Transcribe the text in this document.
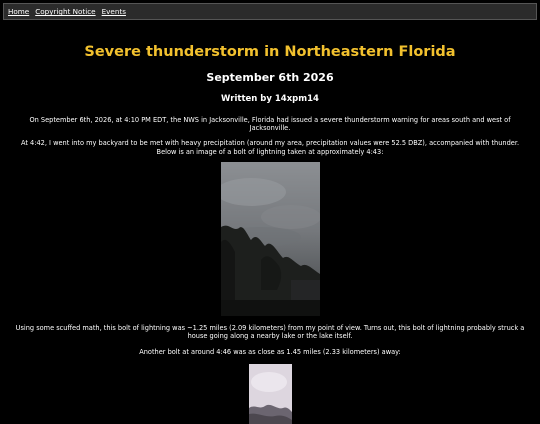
Home Copyright Notice Events
Severe thunderstorm in Northeastern Florida
September 6th 2026
Written by 14xpm14
On September 6th, 2026, at 4:10 PM EDT, the NWS in Jacksonville, Florida had issued a severe thunderstorm warning for areas south and west of Jacksonville.
At 4:42, I went into my backyard to be met with heavy precipitation (around my area, precipitation values were 52.5 DBZ), accompanied with thunder. Below is an image of a bolt of lightning taken at approximately 4:43:
Using some scuffed math, this bolt of lightning was ~1.25 miles (2.09 kilometers) from my point of view. Turns out, this bolt of lightning probably struck a house going along a nearby lake or the lake itself.
Another bolt at around 4:46 was as close as 1.45 miles (2.33 kilometers) away:
